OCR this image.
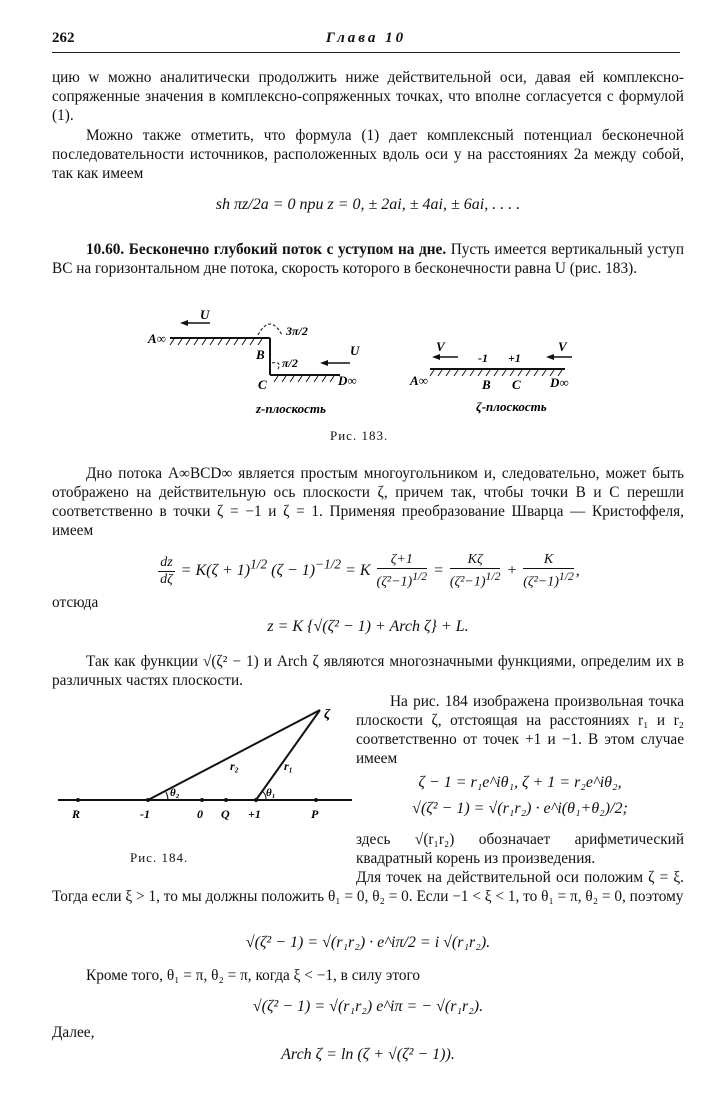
262	Глава 10

цию w можно аналитически продолжить ниже действительной оси, давая ей комплексно-сопряженные значения в комплексно-сопряженных точках, что вполне согласуется с формулой (1).

Можно также отметить, что формула (1) дает комплексный потенциал бесконечной последовательности источников, расположенных вдоль оси y на расстояниях 2a между собой, так как имеем

sh πz/2a = 0 при z = 0, ± 2ai, ± 4ai, ± 6ai, . . . .

10.60. Бесконечно глубокий поток с уступом на дне. Пусть имеется вертикальный уступ BC на горизонтальном дне потока, скорость которого в бесконечности равна U (рис. 183).

A∞
U
3π/2
B
π/2
U
C	D∞
z-плоскость
V	V
-1 +1
A∞	B C D∞
ζ-плоскость
Рис. 183.

Дно потока A∞BCD∞ является простым многоугольником и, следовательно, может быть отображено на действительную ось плоскости ζ, причем так, чтобы точки B и C перешли соответственно в точки ζ = −1 и ζ = 1. Применяя преобразование Шварца — Кристоффеля, имеем

$\frac{dz}{d\zeta} = K(\zeta + 1)^{1/2}$ $(\zeta - 1)^{-1/2} = K \frac{\zeta+1}{(\zeta^2-1)^{1/2}} = \frac{K\zeta}{(\zeta^2-1)^{1/2}} + \frac{K}{(\zeta^2-1)^{1/2}}$ ,

отсюда

z = K {√(ζ² − 1) + Arch ζ} + L.

Так как функции √(ζ² − 1) и Arch ζ являются многозначными функциями, определим их в различных частях плоскости.

ζ
r₁
r₂
θ₁
θ₂
R	-1	0 Q +1	P
Рис. 184.

На рис. 184 изображена произвольная точка плоскости ζ, отстоящая на расстояниях r₁ и r₂ соответственно от точек +1 и −1. В этом случае имеем

ζ − 1 = r₁e^iθ₁, ζ + 1 = r₂e^iθ₂,

√(ζ² − 1) = √(r₁r₂) · e^i(θ₁+θ₂)/2;

здесь √(r₁r₂) обозначает арифметический квадратный корень из произведения.

Для точек на действительной оси положим ζ = ξ. Тогда если ξ > 1, то мы должны положить θ₁ = 0, θ₂ = 0. Если −1 < ξ < 1, то θ₁ = π, θ₂ = 0, поэтому

√(ζ² − 1) = √(r₁r₂) · e^iπ/2 = i √(r₁r₂).

Кроме того, θ₁ = π, θ₂ = π, когда ξ < −1, в силу этого

√(ζ² − 1) = √(r₁r₂) e^iπ = − √(r₁r₂).

Далее,

Arch ζ = ln (ζ + √(ζ² − 1)).
